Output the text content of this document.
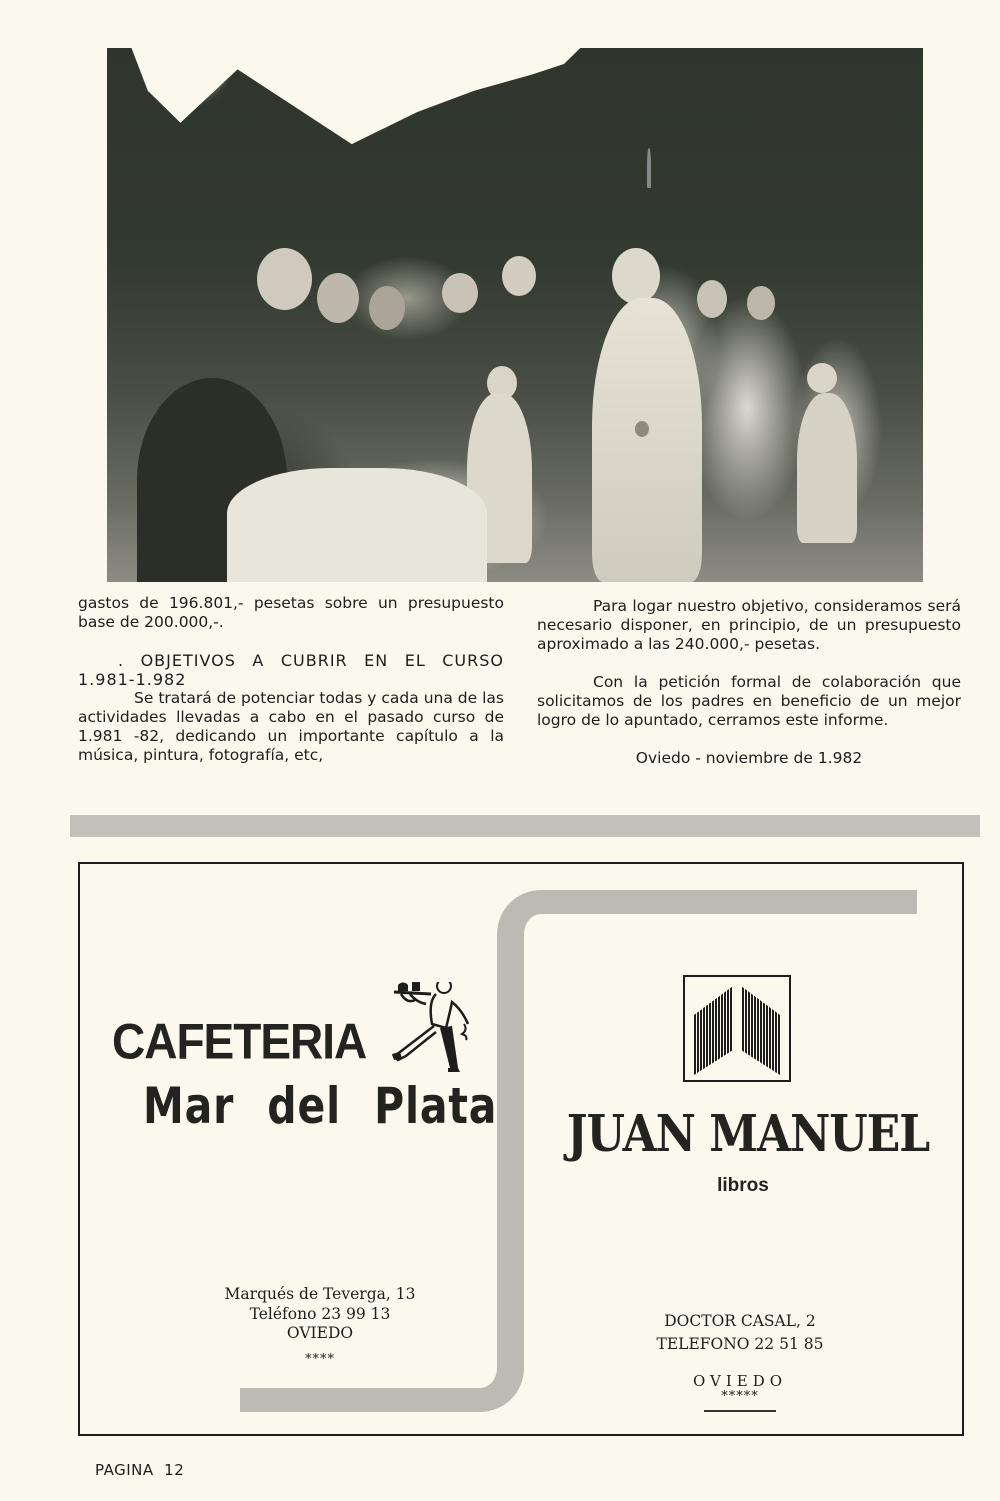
gastos de 196.801,- pesetas sobre un presupuesto base de 200.000,-.

. OBJETIVOS A CUBRIR EN EL CURSO 1.981-1.982

Se tratará de potenciar todas y cada una de las actividades llevadas a cabo en el pasado curso de 1.981 -82, dedicando un importante capítulo a la música, pintura, fotografía, etc,

Para logar nuestro objetivo, consideramos será necesario disponer, en principio, de un presupuesto aproximado a las 240.000,- pesetas.

Con la petición formal de colaboración que solicitamos de los padres en beneficio de un mejor logro de lo apuntado, cerramos este informe.

Oviedo - noviembre de 1.982

CAFETERIA
Mar del Plata
Marqués de Teverga, 13
Teléfono 23 99 13
OVIEDO
****
JUAN MANUEL
libros
DOCTOR CASAL, 2
TELEFONO 22 51 85
OVIEDO
*****
PAGINA 12
